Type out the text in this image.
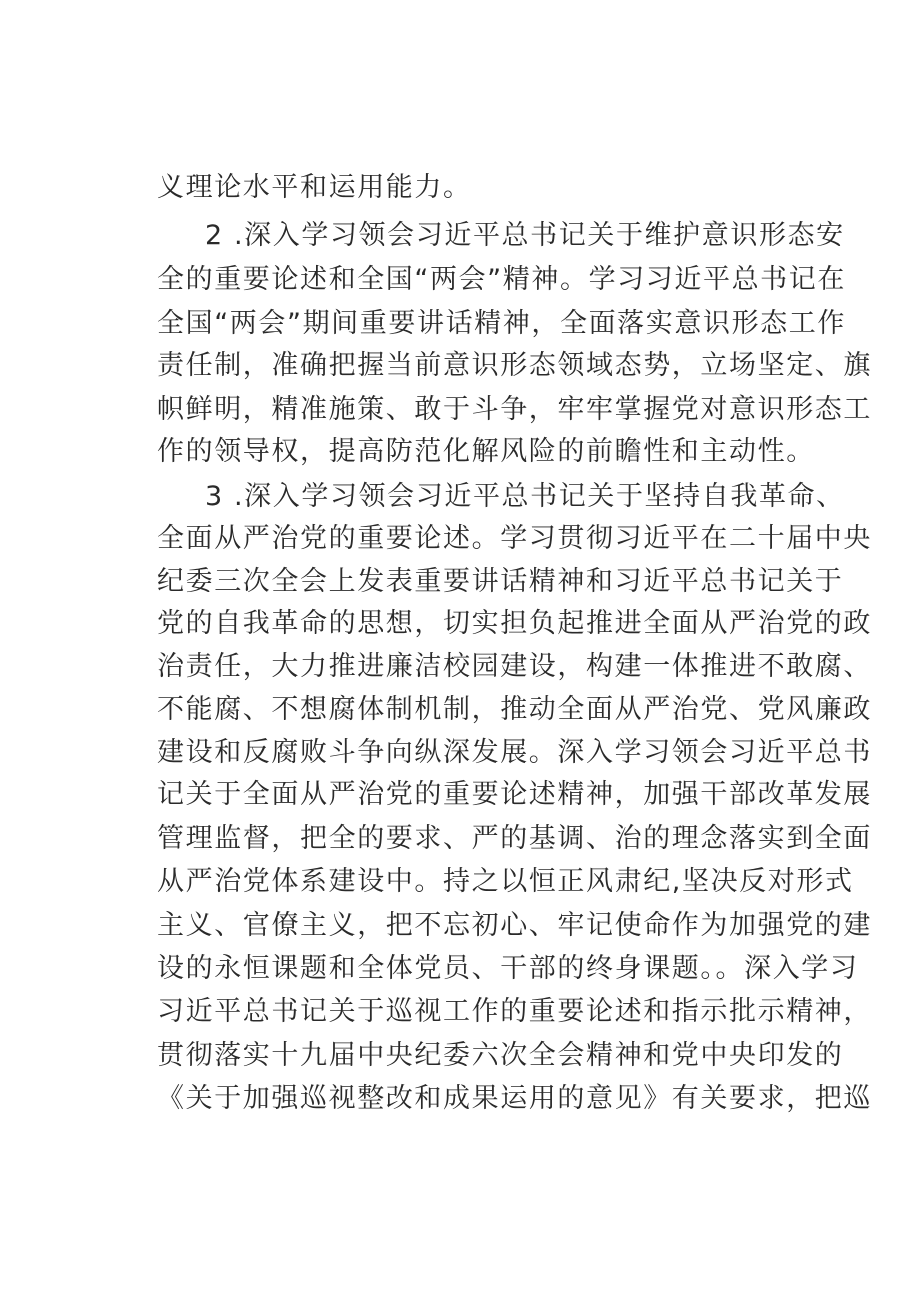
义理论水平和运用能力。
2 .深入学习领会习近平总书记关于维护意识形态安
全的重要论述和全国“两会”精神。学习习近平总书记在
全国“两会”期间重要讲话精神，全面落实意识形态工作
责任制，准确把握当前意识形态领域态势，立场坚定、旗
帜鲜明，精准施策、敢于斗争，牢牢掌握党对意识形态工
作的领导权，提高防范化解风险的前瞻性和主动性。
3 .深入学习领会习近平总书记关于坚持自我革命、
全面从严治党的重要论述。学习贯彻习近平在二十届中央
纪委三次全会上发表重要讲话精神和习近平总书记关于
党的自我革命的思想，切实担负起推进全面从严治党的政
治责任，大力推进廉洁校园建设，构建一体推进不敢腐、
不能腐、不想腐体制机制，推动全面从严治党、党风廉政
建设和反腐败斗争向纵深发展。深入学习领会习近平总书
记关于全面从严治党的重要论述精神，加强干部改革发展
管理监督，把全的要求、严的基调、治的理念落实到全面
从严治党体系建设中。持之以恒正风肃纪,坚决反对形式
主义、官僚主义，把不忘初心、牢记使命作为加强党的建
设的永恒课题和全体党员、干部的终身课题。。深入学习
习近平总书记关于巡视工作的重要论述和指示批示精神，
贯彻落实十九届中央纪委六次全会精神和党中央印发的
《关于加强巡视整改和成果运用的意见》有关要求，把巡
